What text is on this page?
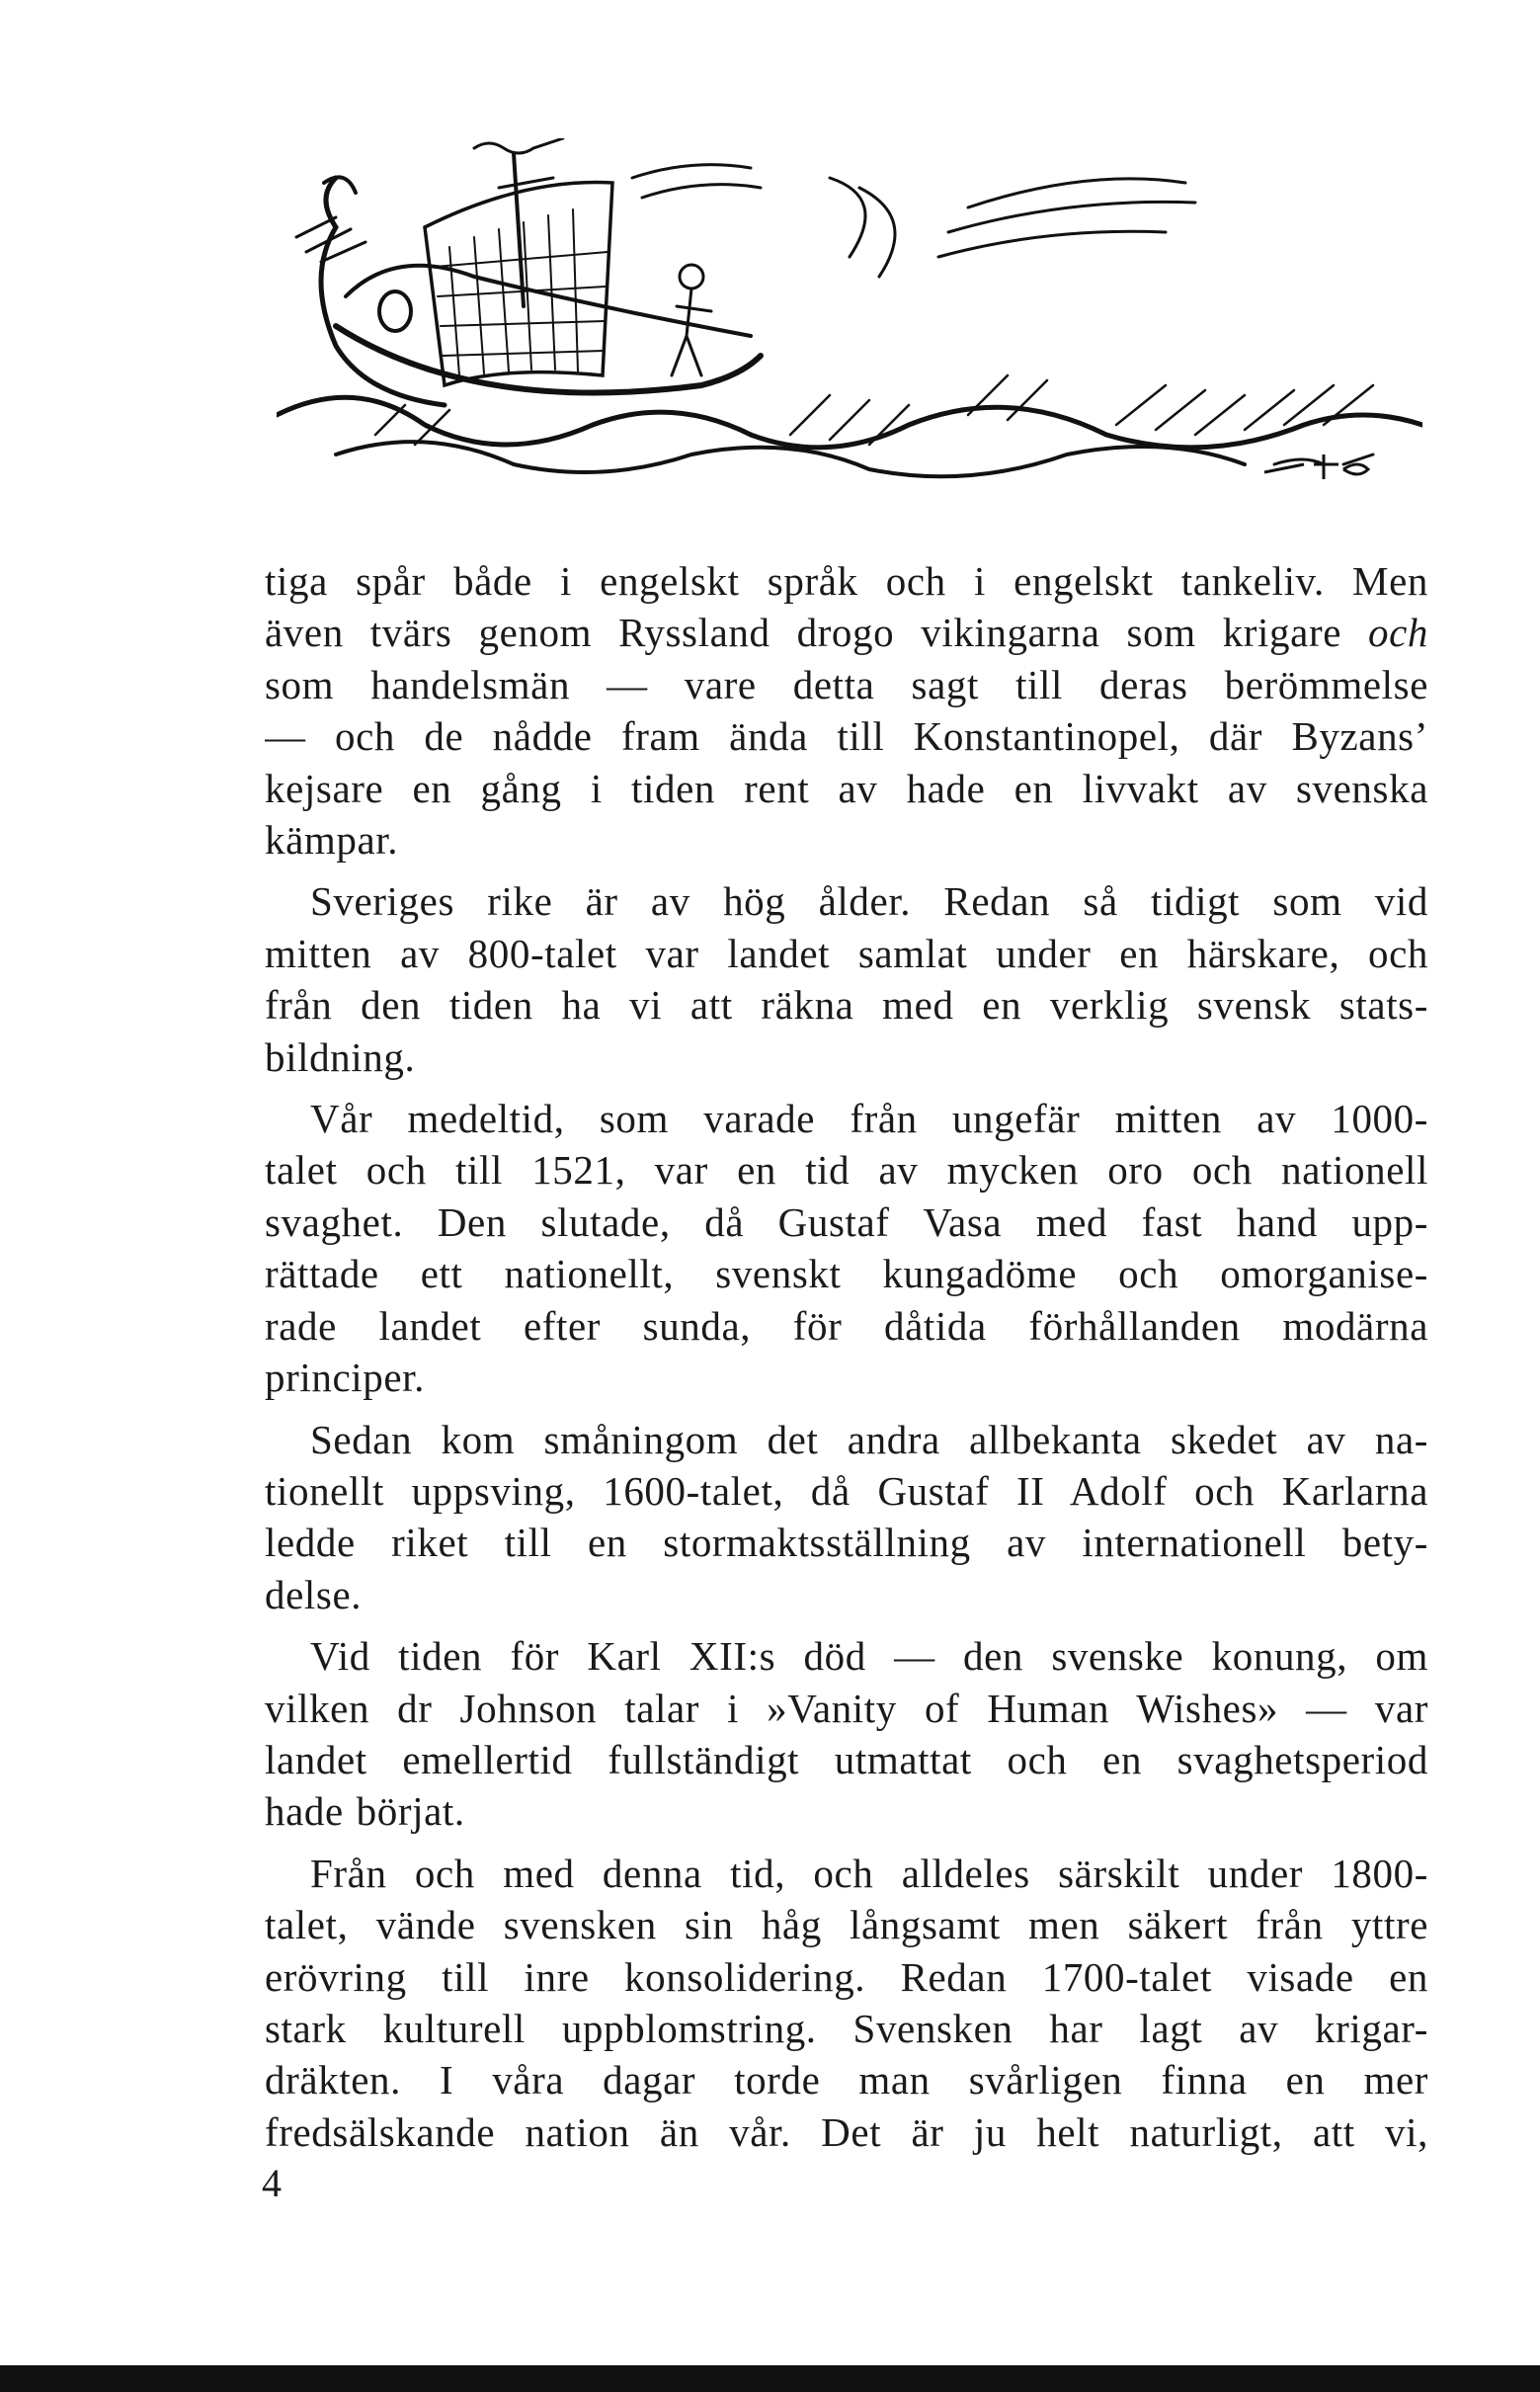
tiga spår både i engelskt språk och i engelskt tankeliv. Men
även tvärs genom Ryssland drogo vikingarna som krigare och
som handelsmän — vare detta sagt till deras berömmelse
— och de nådde fram ända till Konstantinopel, där Byzans’
kejsare en gång i tiden rent av hade en livvakt av svenska
kämpar.

Sveriges rike är av hög ålder. Redan så tidigt som vid
mitten av 800-talet var landet samlat under en härskare, och
från den tiden ha vi att räkna med en verklig svensk stats-
bildning.

Vår medeltid, som varade från ungefär mitten av 1000-
talet och till 1521, var en tid av mycken oro och nationell
svaghet. Den slutade, då Gustaf Vasa med fast hand upp-
rättade ett nationellt, svenskt kungadöme och omorganise-
rade landet efter sunda, för dåtida förhållanden modärna
principer.

Sedan kom småningom det andra allbekanta skedet av na-
tionellt uppsving, 1600-talet, då Gustaf II Adolf och Karlarna
ledde riket till en stormaktsställning av internationell bety-
delse.

Vid tiden för Karl XII:s död — den svenske konung, om
vilken dr Johnson talar i »Vanity of Human Wishes» — var
landet emellertid fullständigt utmattat och en svaghetsperiod
hade börjat.

Från och med denna tid, och alldeles särskilt under 1800-
talet, vände svensken sin håg långsamt men säkert från yttre
erövring till inre konsolidering. Redan 1700-talet visade en
stark kulturell uppblomstring. Svensken har lagt av krigar-
dräkten. I våra dagar torde man svårligen finna en mer
fredsälskande nation än vår. Det är ju helt naturligt, att vi,

4
